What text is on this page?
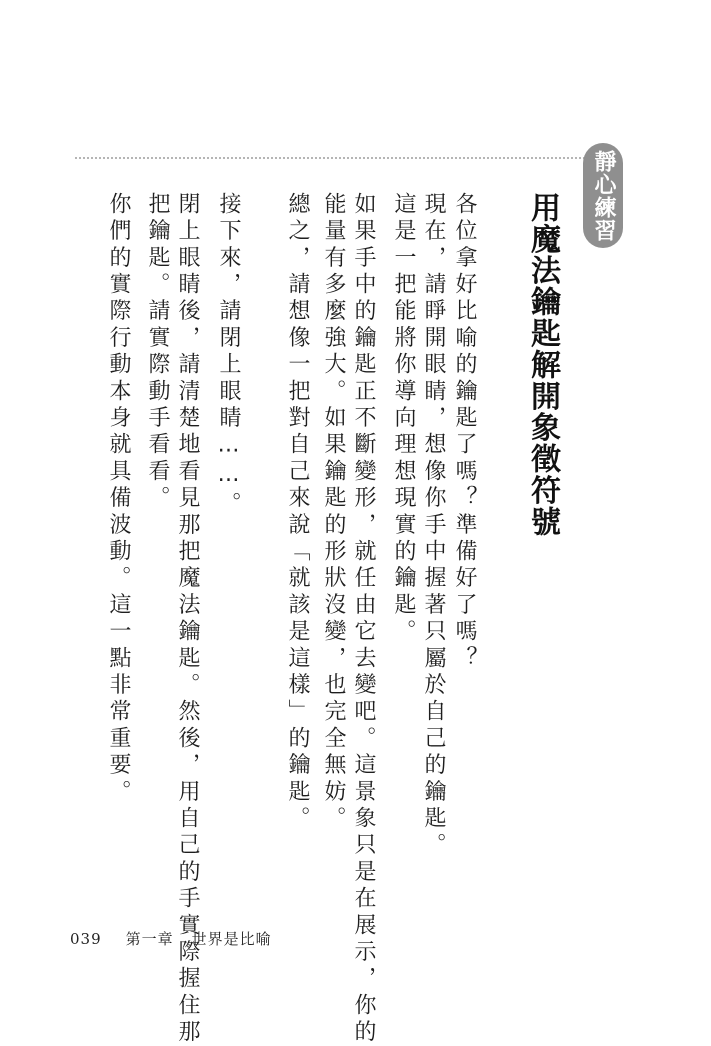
靜心練習
用魔法鑰匙解開象徵符號
各位拿好比喻的鑰匙了嗎？準備好了嗎？
現在，請睜開眼睛，想像你手中握著只屬於自己的鑰匙。
這是一把能將你導向理想現實的鑰匙。
如果手中的鑰匙正不斷變形，就任由它去變吧。這景象只是在展示，你的
能量有多麼強大。如果鑰匙的形狀沒變，也完全無妨。
總之，請想像一把對自己來說「就該是這樣」的鑰匙。
接下來，請閉上眼睛……。
閉上眼睛後，請清楚地看見那把魔法鑰匙。然後，用自己的手實際握住那
把鑰匙。請實際動手看看。
你們的實際行動本身就具備波動。這一點非常重要。
039 第一章 世界是比喻
